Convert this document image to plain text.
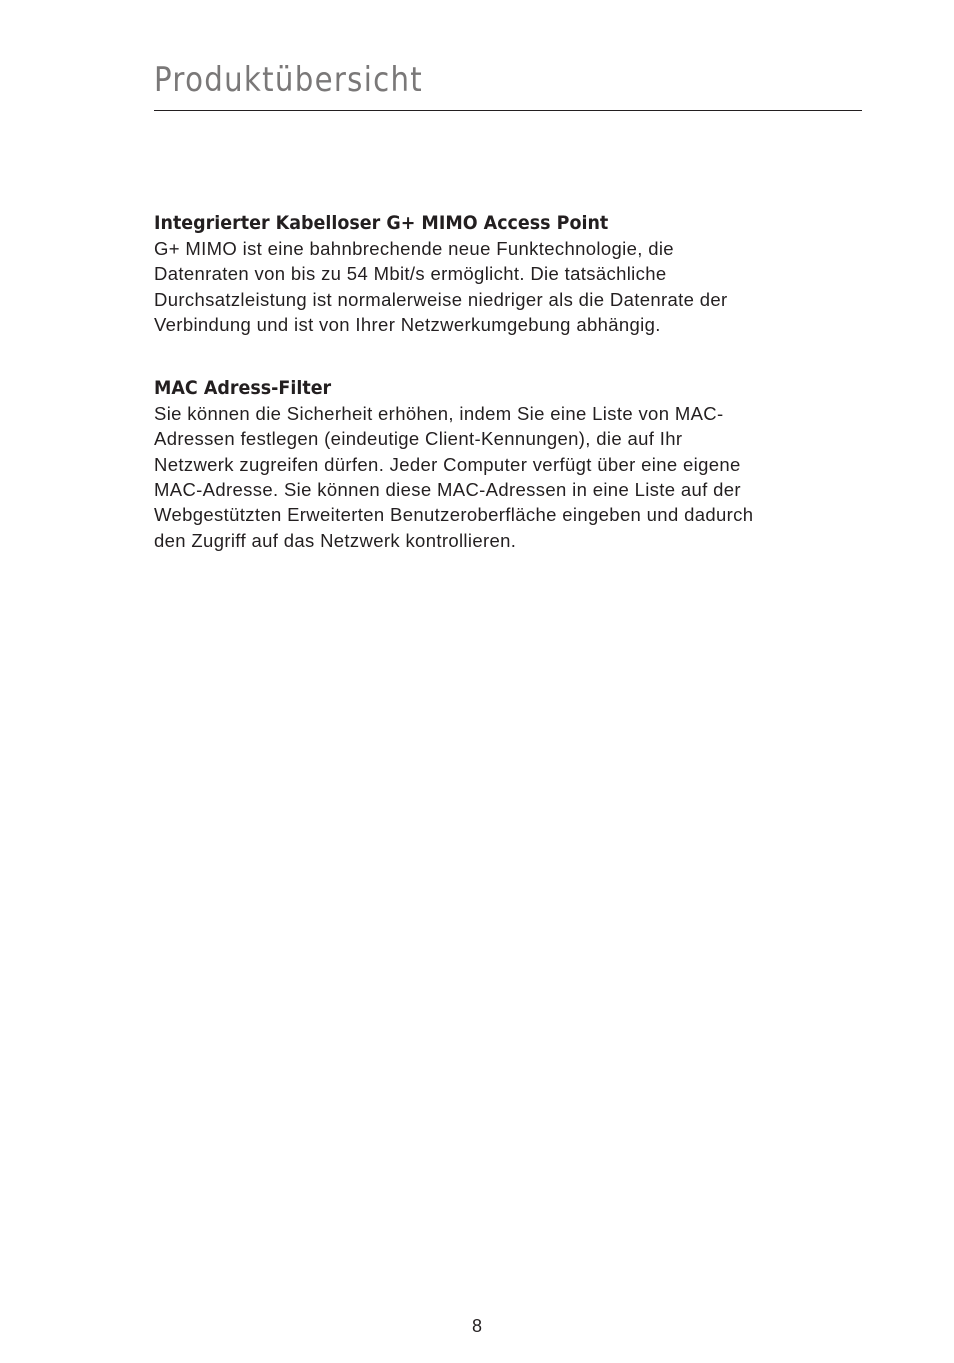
Produktübersicht
Integrierter Kabelloser G+ MIMO Access Point

G+ MIMO ist eine bahnbrechende neue Funktechnologie, die

Datenraten von bis zu 54 Mbit/s ermöglicht. Die tatsächliche

Durchsatzleistung ist normalerweise niedriger als die Datenrate der

Verbindung und ist von Ihrer Netzwerkumgebung abhängig.

MAC Adress-Filter

Sie können die Sicherheit erhöhen, indem Sie eine Liste von MAC-

Adressen festlegen (eindeutige Client-Kennungen), die auf Ihr

Netzwerk zugreifen dürfen. Jeder Computer verfügt über eine eigene

MAC-Adresse. Sie können diese MAC-Adressen in eine Liste auf der

Webgestützten Erweiterten Benutzeroberfläche eingeben und dadurch

den Zugriff auf das Netzwerk kontrollieren.

8
